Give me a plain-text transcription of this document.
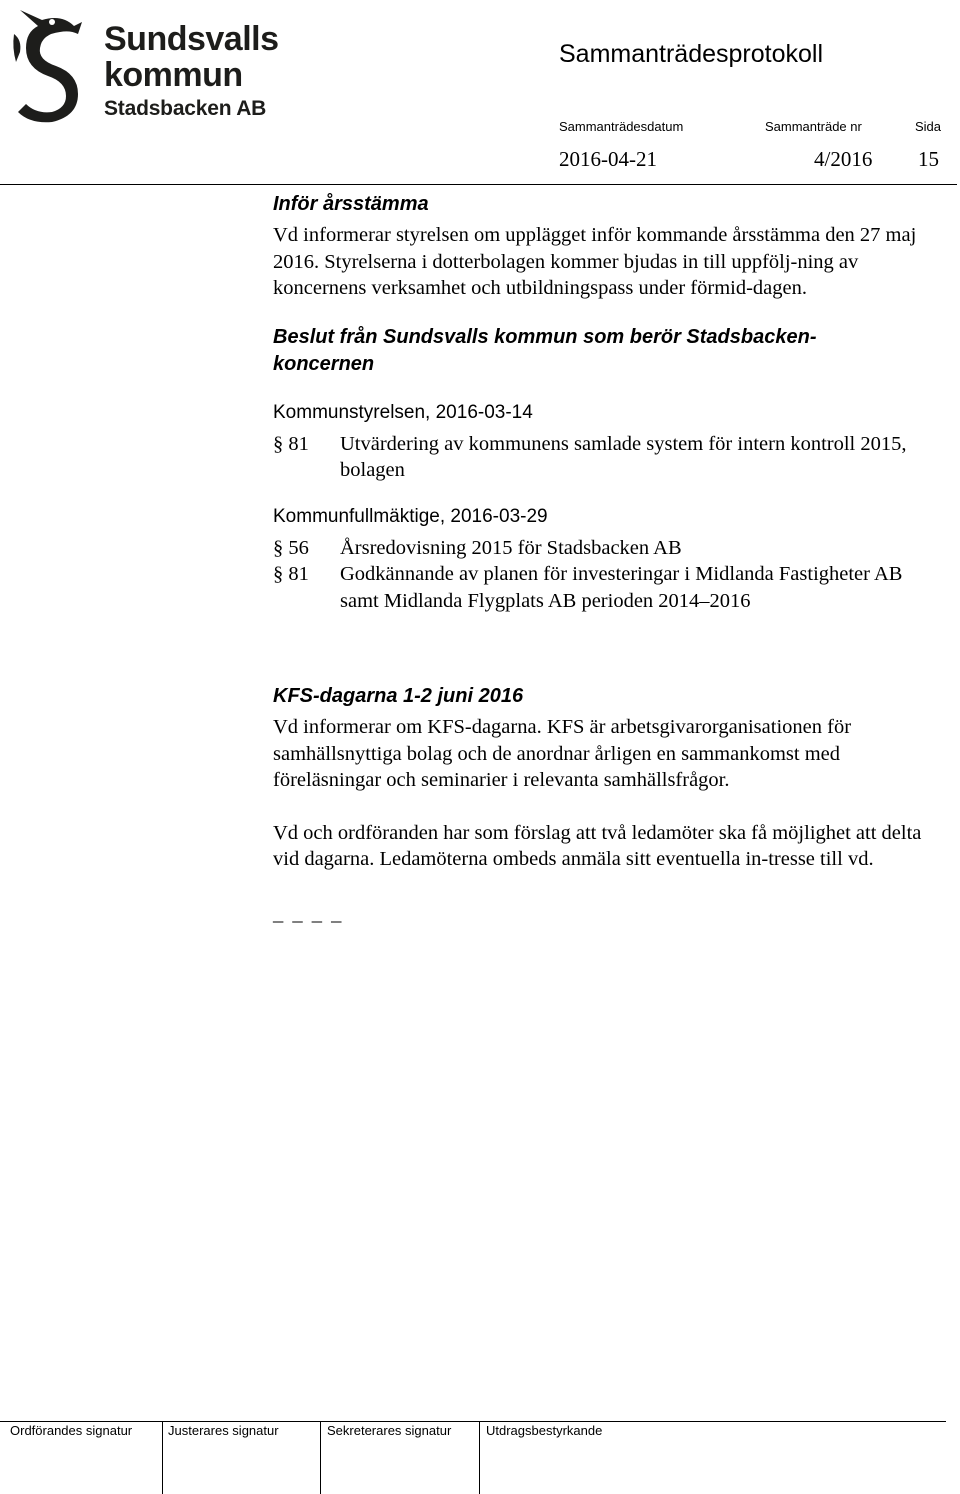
Sundsvalls
kommun
Stadsbacken AB
Sammanträdesprotokoll
Sammanträdesdatum	Sammanträde nr	Sida
2016-04-21	4/2016 15
Inför årsstämma
Vd informerar styrelsen om upplägget inför kommande årsstämma den 27 maj 2016. Styrelserna i dotterbolagen kommer bjudas in till uppfölj-ning av koncernens verksamhet och utbildningspass under förmid-dagen.
Beslut från Sundsvalls kommun som berör Stadsbacken-
koncernen
Kommunstyrelsen, 2016-03-14
§ 81	Utvärdering av kommunens samlade system för intern kontroll 2015, bolagen
Kommunfullmäktige, 2016-03-29
§ 56	Årsredovisning 2015 för Stadsbacken AB
§ 81	Godkännande av planen för investeringar i Midlanda Fastigheter AB samt Midlanda Flygplats AB perioden 2014–2016
KFS-dagarna 1-2 juni 2016
Vd informerar om KFS-dagarna. KFS är arbetsgivarorganisationen för samhällsnyttiga bolag och de anordnar årligen en sammankomst med föreläsningar och seminarier i relevanta samhällsfrågor.
Vd och ordföranden har som förslag att två ledamöter ska få möjlighet att delta vid dagarna. Ledamöterna ombeds anmäla sitt eventuella in-tresse till vd.
_ _ _ _
Ordförandes signatur	Justerares signatur	Sekreterares signatur	Utdragsbestyrkande
